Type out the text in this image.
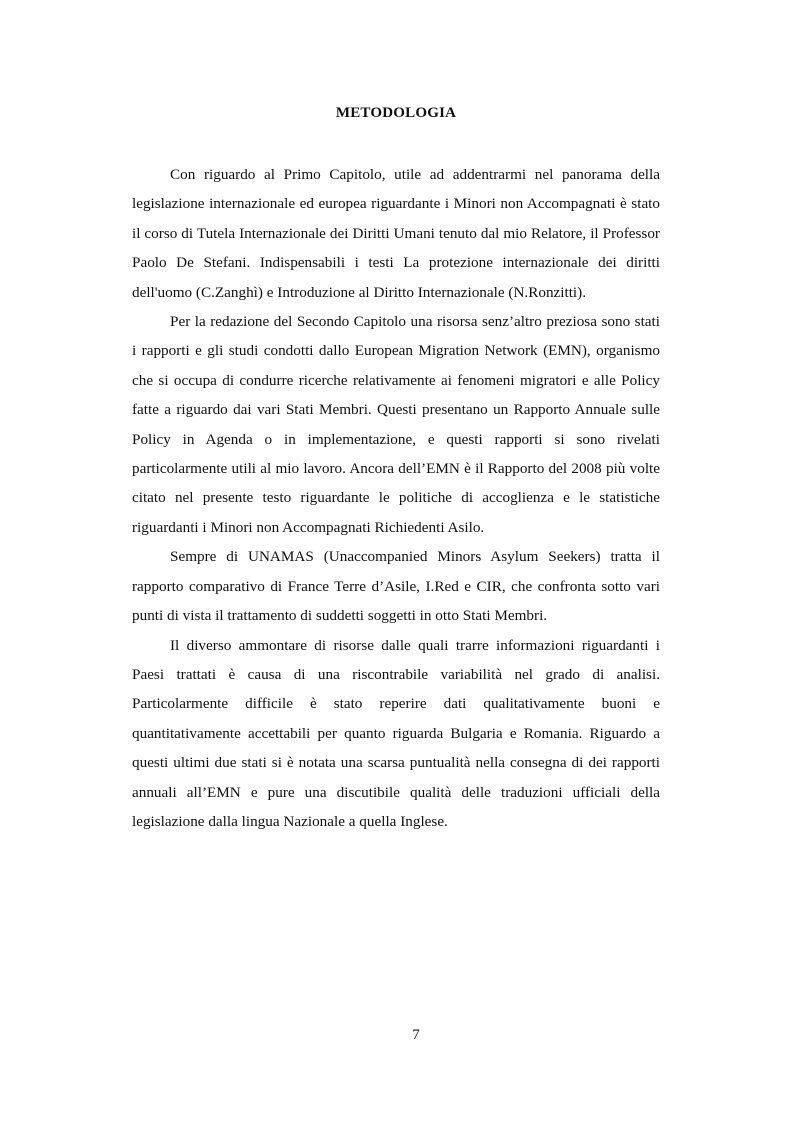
METODOLOGIA

Con riguardo al Primo Capitolo, utile ad addentrarmi nel panorama della legislazione internazionale ed europea riguardante i Minori non Accompagnati è stato il corso di Tutela Internazionale dei Diritti Umani tenuto dal mio Relatore, il Professor Paolo De Stefani. Indispensabili i testi La protezione internazionale dei diritti dell'uomo (C.Zanghì) e Introduzione al Diritto Internazionale (N.Ronzitti).

Per la redazione del Secondo Capitolo una risorsa senz’altro preziosa sono stati i rapporti e gli studi condotti dallo European Migration Network (EMN), organismo che si occupa di condurre ricerche relativamente ai fenomeni migratori e alle Policy fatte a riguardo dai vari Stati Membri. Questi presentano un Rapporto Annuale sulle Policy in Agenda o in implementazione, e questi rapporti si sono rivelati particolarmente utili al mio lavoro. Ancora dell’EMN è il Rapporto del 2008 più volte citato nel presente testo riguardante le politiche di accoglienza e le statistiche riguardanti i Minori non Accompagnati Richiedenti Asilo.

Sempre di UNAMAS (Unaccompanied Minors Asylum Seekers) tratta il rapporto comparativo di France Terre d’Asile, I.Red e CIR, che confronta sotto vari punti di vista il trattamento di suddetti soggetti in otto Stati Membri.

Il diverso ammontare di risorse dalle quali trarre informazioni riguardanti i Paesi trattati è causa di una riscontrabile variabilità nel grado di analisi. Particolarmente difficile è stato reperire dati qualitativamente buoni e quantitativamente accettabili per quanto riguarda Bulgaria e Romania. Riguardo a questi ultimi due stati si è notata una scarsa puntualità nella consegna di dei rapporti annuali all’EMN e pure una discutibile qualità delle traduzioni ufficiali della legislazione dalla lingua Nazionale a quella Inglese.

7
